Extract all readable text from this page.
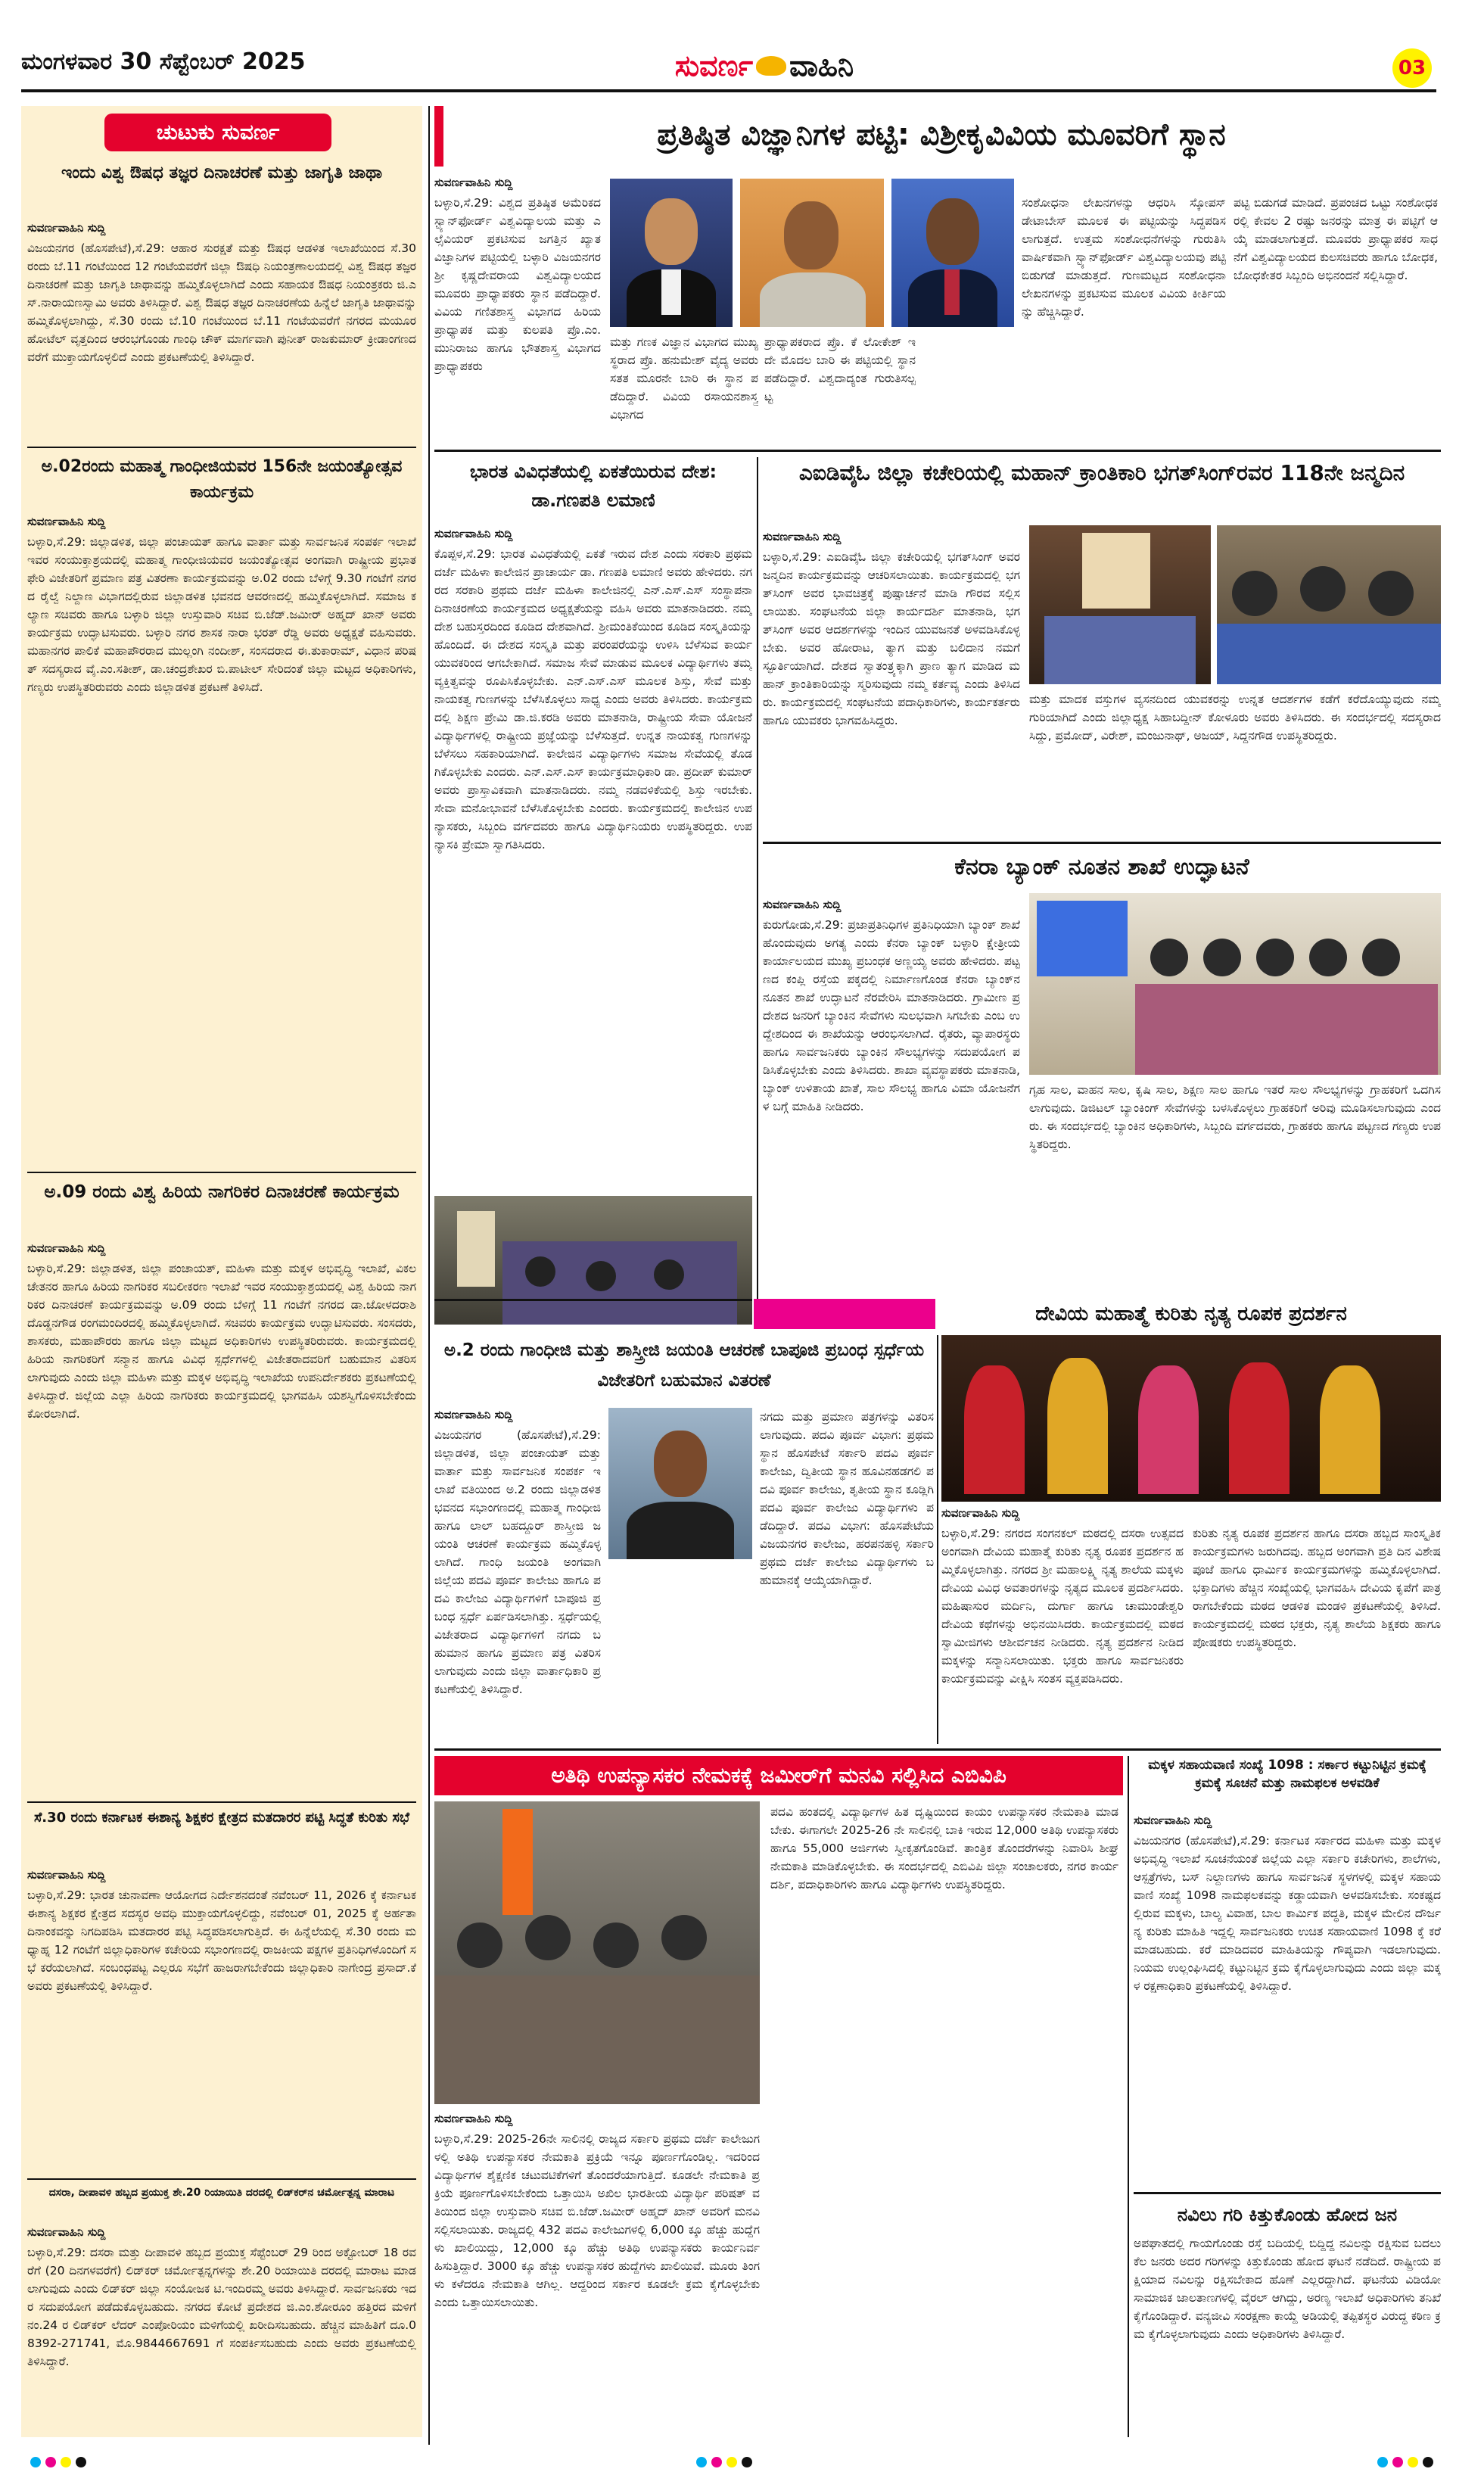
ಮಂಗಳವಾರ 30 ಸೆಪ್ಟೆಂಬರ್ 2025	ಸುವರ್ಣ ವಾಹಿನಿ	03
ಚುಟುಕು ಸುವರ್ಣ
ಇಂದು ವಿಶ್ವ ಔಷಧ ತಜ್ಞರ ದಿನಾಚರಣೆ ಮತ್ತು ಜಾಗೃತಿ ಜಾಥಾ
ಸುವರ್ಣವಾಹಿನಿ ಸುದ್ದಿ
ವಿಜಯನಗರ (ಹೊಸಪೇಟೆ),ಸೆ.29: ಆಹಾರ ಸುರಕ್ಷತೆ ಮತ್ತು ಔಷಧ ಆಡಳಿತ ಇಲಾಖೆಯಿಂದ ಸೆ.30 ರಂದು ಬೆ.11 ಗಂಟೆಯಿಂದ 12 ಗಂಟೆಯವರೆಗೆ ಜಿಲ್ಲಾ ಔಷಧಿ ನಿಯಂತ್ರಣಾಲಯದಲ್ಲಿ ವಿಶ್ವ ಔಷಧ ತಜ್ಞರ ದಿನಾಚರಣೆ ಮತ್ತು ಜಾಗೃತಿ ಜಾಥಾವನ್ನು ಹಮ್ಮಿಕೊಳ್ಳಲಾಗಿದೆ ಎಂದು ಸಹಾಯಕ ಔಷಧ ನಿಯಂತ್ರಕರು ಜಿ.ಎಸ್.ನಾರಾಯಣಸ್ವಾಮಿ ಅವರು ತಿಳಿಸಿದ್ದಾರೆ. ವಿಶ್ವ ಔಷಧ ತಜ್ಞರ ದಿನಾಚರಣೆಯ ಹಿನ್ನೆಲೆ ಜಾಗೃತಿ ಜಾಥಾವನ್ನು ಹಮ್ಮಿಕೊಳ್ಳಲಾಗಿದ್ದು, ಸೆ.30 ರಂದು ಬೆ.10 ಗಂಟೆಯಿಂದ ಬೆ.11 ಗಂಟೆಯವರೆಗೆ ನಗರದ ಮಯೂರ ಹೋಟೆಲ್ ವೃತ್ತದಿಂದ ಆರಂಭಗೊಂಡು ಗಾಂಧಿ ಚೌಕ್ ಮಾರ್ಗವಾಗಿ ಪುನೀತ್ ರಾಜಕುಮಾರ್ ಕ್ರೀಡಾಂಗಣದವರೆಗೆ ಮುಕ್ತಾಯಗೊಳ್ಳಲಿದೆ ಎಂದು ಪ್ರಕಟಣೆಯಲ್ಲಿ ತಿಳಿಸಿದ್ದಾರೆ.
ಅ.02ರಂದು ಮಹಾತ್ಮ ಗಾಂಧೀಜಿಯವರ 156ನೇ ಜಯಂತ್ಯೋತ್ಸವ ಕಾರ್ಯಕ್ರಮ
ಸುವರ್ಣವಾಹಿನಿ ಸುದ್ದಿ
ಬಳ್ಳಾರಿ,ಸೆ.29: ಜಿಲ್ಲಾಡಳಿತ, ಜಿಲ್ಲಾ ಪಂಚಾಯತ್ ಹಾಗೂ ವಾರ್ತಾ ಮತ್ತು ಸಾರ್ವಜನಿಕ ಸಂಪರ್ಕ ಇಲಾಖೆ ಇವರ ಸಂಯುಕ್ತಾಶ್ರಯದಲ್ಲಿ ಮಹಾತ್ಮ ಗಾಂಧೀಜಿಯವರ ಜಯಂತ್ಯೋತ್ಸವ ಅಂಗವಾಗಿ ರಾಷ್ಟ್ರೀಯ ಪ್ರಭಾತ ಫೇರಿ ವಿಜೇತರಿಗೆ ಪ್ರಮಾಣ ಪತ್ರ ವಿತರಣಾ ಕಾರ್ಯಕ್ರಮವನ್ನು ಅ.02 ರಂದು ಬೆಳಿಗ್ಗೆ 9.30 ಗಂಟೆಗೆ ನಗರದ ರೈಲ್ವೆ ನಿಲ್ದಾಣ ವಿಭಾಗದಲ್ಲಿರುವ ಜಿಲ್ಲಾಡಳಿತ ಭವನದ ಆವರಣದಲ್ಲಿ ಹಮ್ಮಿಕೊಳ್ಳಲಾಗಿದೆ. ಸಮಾಜ ಕಲ್ಯಾಣ ಸಚಿವರು ಹಾಗೂ ಬಳ್ಳಾರಿ ಜಿಲ್ಲಾ ಉಸ್ತುವಾರಿ ಸಚಿವ ಬಿ.ಜೆಡ್.ಜಮೀರ್ ಅಹ್ಮದ್ ಖಾನ್ ಅವರು ಕಾರ್ಯಕ್ರಮ ಉದ್ಘಾಟಿಸುವರು. ಬಳ್ಳಾರಿ ನಗರ ಶಾಸಕ ನಾರಾ ಭರತ್ ರೆಡ್ಡಿ ಅವರು ಅಧ್ಯಕ್ಷತೆ ವಹಿಸುವರು. ಮಹಾನಗರ ಪಾಲಿಕೆ ಮಹಾಪೌರರಾದ ಮುಲ್ಲಂಗಿ ನಂದೀಶ್, ಸಂಸದರಾದ ಈ.ತುಕಾರಾಮ್, ವಿಧಾನ ಪರಿಷತ್ ಸದಸ್ಯರಾದ ವೈ.ಎಂ.ಸತೀಶ್, ಡಾ.ಚಂದ್ರಶೇಖರ ಬಿ.ಪಾಟೀಲ್ ಸೇರಿದಂತೆ ಜಿಲ್ಲಾ ಮಟ್ಟದ ಅಧಿಕಾರಿಗಳು, ಗಣ್ಯರು ಉಪಸ್ಥಿತರಿರುವರು ಎಂದು ಜಿಲ್ಲಾಡಳಿತ ಪ್ರಕಟಣೆ ತಿಳಿಸಿದೆ.
ಅ.09 ರಂದು ವಿಶ್ವ ಹಿರಿಯ ನಾಗರಿಕರ ದಿನಾಚರಣೆ ಕಾರ್ಯಕ್ರಮ
ಸುವರ್ಣವಾಹಿನಿ ಸುದ್ದಿ
ಬಳ್ಳಾರಿ,ಸೆ.29: ಜಿಲ್ಲಾಡಳಿತ, ಜಿಲ್ಲಾ ಪಂಚಾಯತ್, ಮಹಿಳಾ ಮತ್ತು ಮಕ್ಕಳ ಅಭಿವೃದ್ಧಿ ಇಲಾಖೆ, ವಿಕಲಚೇತನರ ಹಾಗೂ ಹಿರಿಯ ನಾಗರಿಕರ ಸಬಲೀಕರಣ ಇಲಾಖೆ ಇವರ ಸಂಯುಕ್ತಾಶ್ರಯದಲ್ಲಿ ವಿಶ್ವ ಹಿರಿಯ ನಾಗರಿಕರ ದಿನಾಚರಣೆ ಕಾರ್ಯಕ್ರಮವನ್ನು ಅ.09 ರಂದು ಬೆಳಿಗ್ಗೆ 11 ಗಂಟೆಗೆ ನಗರದ ಡಾ.ಜೋಳದರಾಶಿ ದೊಡ್ಡನಗೌಡ ರಂಗಮಂದಿರದಲ್ಲಿ ಹಮ್ಮಿಕೊಳ್ಳಲಾಗಿದೆ. ಸಚಿವರು ಕಾರ್ಯಕ್ರಮ ಉದ್ಘಾಟಿಸುವರು. ಸಂಸದರು, ಶಾಸಕರು, ಮಹಾಪೌರರು ಹಾಗೂ ಜಿಲ್ಲಾ ಮಟ್ಟದ ಅಧಿಕಾರಿಗಳು ಉಪಸ್ಥಿತರಿರುವರು. ಕಾರ್ಯಕ್ರಮದಲ್ಲಿ ಹಿರಿಯ ನಾಗರಿಕರಿಗೆ ಸನ್ಮಾನ ಹಾಗೂ ವಿವಿಧ ಸ್ಪರ್ಧೆಗಳಲ್ಲಿ ವಿಜೇತರಾದವರಿಗೆ ಬಹುಮಾನ ವಿತರಿಸಲಾಗುವುದು ಎಂದು ಜಿಲ್ಲಾ ಮಹಿಳಾ ಮತ್ತು ಮಕ್ಕಳ ಅಭಿವೃದ್ಧಿ ಇಲಾಖೆಯ ಉಪನಿರ್ದೇಶಕರು ಪ್ರಕಟಣೆಯಲ್ಲಿ ತಿಳಿಸಿದ್ದಾರೆ. ಜಿಲ್ಲೆಯ ಎಲ್ಲಾ ಹಿರಿಯ ನಾಗರಿಕರು ಕಾರ್ಯಕ್ರಮದಲ್ಲಿ ಭಾಗವಹಿಸಿ ಯಶಸ್ವಿಗೊಳಿಸಬೇಕೆಂದು ಕೋರಲಾಗಿದೆ.
ಸೆ.30 ರಂದು ಕರ್ನಾಟಕ ಈಶಾನ್ಯ ಶಿಕ್ಷಕರ ಕ್ಷೇತ್ರದ ಮತದಾರರ ಪಟ್ಟಿ ಸಿದ್ಧತೆ ಕುರಿತು ಸಭೆ
ಸುವರ್ಣವಾಹಿನಿ ಸುದ್ದಿ
ಬಳ್ಳಾರಿ,ಸೆ.29: ಭಾರತ ಚುನಾವಣಾ ಆಯೋಗದ ನಿರ್ದೇಶನದಂತೆ ನವೆಂಬರ್ 11, 2026 ಕ್ಕೆ ಕರ್ನಾಟಕ ಈಶಾನ್ಯ ಶಿಕ್ಷಕರ ಕ್ಷೇತ್ರದ ಸದಸ್ಯರ ಅವಧಿ ಮುಕ್ತಾಯಗೊಳ್ಳಲಿದ್ದು, ನವೆಂಬರ್ 01, 2025 ಕ್ಕೆ ಅರ್ಹತಾ ದಿನಾಂಕವನ್ನು ನಿಗದಿಪಡಿಸಿ ಮತದಾರರ ಪಟ್ಟಿ ಸಿದ್ಧಪಡಿಸಲಾಗುತ್ತಿದೆ. ಈ ಹಿನ್ನೆಲೆಯಲ್ಲಿ ಸೆ.30 ರಂದು ಮಧ್ಯಾಹ್ನ 12 ಗಂಟೆಗೆ ಜಿಲ್ಲಾಧಿಕಾರಿಗಳ ಕಚೇರಿಯ ಸಭಾಂಗಣದಲ್ಲಿ ರಾಜಕೀಯ ಪಕ್ಷಗಳ ಪ್ರತಿನಿಧಿಗಳೊಂದಿಗೆ ಸಭೆ ಕರೆಯಲಾಗಿದೆ. ಸಂಬಂಧಪಟ್ಟ ಎಲ್ಲರೂ ಸಭೆಗೆ ಹಾಜರಾಗಬೇಕೆಂದು ಜಿಲ್ಲಾಧಿಕಾರಿ ನಾಗೇಂದ್ರ ಪ್ರಸಾದ್.ಕೆ ಅವರು ಪ್ರಕಟಣೆಯಲ್ಲಿ ತಿಳಿಸಿದ್ದಾರೆ.
ದಸರಾ, ದೀಪಾವಳಿ ಹಬ್ಬದ ಪ್ರಯುಕ್ತ ಶೇ.20 ರಿಯಾಯಿತಿ ದರದಲ್ಲಿ ಲಿಡ್‌ಕರ್‌ನ ಚರ್ಮೋತ್ಪನ್ನ ಮಾರಾಟ
ಸುವರ್ಣವಾಹಿನಿ ಸುದ್ದಿ
ಬಳ್ಳಾರಿ,ಸೆ.29: ದಸರಾ ಮತ್ತು ದೀಪಾವಳಿ ಹಬ್ಬದ ಪ್ರಯುಕ್ತ ಸೆಪ್ಟೆಂಬರ್ 29 ರಿಂದ ಅಕ್ಟೋಬರ್ 18 ರವರೆಗೆ (20 ದಿನಗಳವರೆಗೆ) ಲಿಡ್‌ಕರ್ ಚರ್ಮೋತ್ಪನ್ನಗಳನ್ನು ಶೇ.20 ರಿಯಾಯಿತಿ ದರದಲ್ಲಿ ಮಾರಾಟ ಮಾಡಲಾಗುವುದು ಎಂದು ಲಿಡ್‌ಕರ್ ಜಿಲ್ಲಾ ಸಂಯೋಜಕ ಟಿ.ಇಂದಿರಮ್ಮ ಅವರು ತಿಳಿಸಿದ್ದಾರೆ. ಸಾರ್ವಜನಿಕರು ಇದರ ಸದುಪಯೋಗ ಪಡೆದುಕೊಳ್ಳಬಹುದು. ನಗರದ ಕೋಟೆ ಪ್ರದೇಶದ ಜಿ.ಎಂ.ಶೋರೂಂ ಹತ್ತಿರದ ಮಳಿಗೆ ನಂ.24 ರ ಲಿಡ್‌ಕರ್ ಲೆದರ್ ಎಂಪೋರಿಯಂ ಮಳಿಗೆಯಲ್ಲಿ ಖರೀದಿಸಬಹುದು. ಹೆಚ್ಚಿನ ಮಾಹಿತಿಗೆ ದೂ.08392-271741, ಮೊ.9844667691 ಗೆ ಸಂಪರ್ಕಿಸಬಹುದು ಎಂದು ಅವರು ಪ್ರಕಟಣೆಯಲ್ಲಿ ತಿಳಿಸಿದ್ದಾರೆ.
ಪ್ರತಿಷ್ಠಿತ ವಿಜ್ಞಾನಿಗಳ ಪಟ್ಟಿ: ವಿಶ್ರೀಕೃವಿವಿಯ ಮೂವರಿಗೆ ಸ್ಥಾನ
ಸುವರ್ಣವಾಹಿನಿ ಸುದ್ದಿ
ಬಳ್ಳಾರಿ,ಸೆ.29: ವಿಶ್ವದ ಪ್ರತಿಷ್ಠಿತ ಅಮೆರಿಕದ ಸ್ಟ್ಯಾನ್‌ಫೋರ್ಡ್ ವಿಶ್ವವಿದ್ಯಾಲಯ ಮತ್ತು ಎಲ್ಸೆವಿಯರ್ ಪ್ರಕಟಿಸುವ ಜಗತ್ತಿನ ಖ್ಯಾತ ವಿಜ್ಞಾನಿಗಳ ಪಟ್ಟಿಯಲ್ಲಿ ಬಳ್ಳಾರಿ ವಿಜಯನಗರ ಶ್ರೀ ಕೃಷ್ಣದೇವರಾಯ ವಿಶ್ವವಿದ್ಯಾಲಯದ ಮೂವರು ಪ್ರಾಧ್ಯಾಪಕರು ಸ್ಥಾನ ಪಡೆದಿದ್ದಾರೆ. ವಿವಿಯ ಗಣಿತಶಾಸ್ತ್ರ ವಿಭಾಗದ ಹಿರಿಯ ಪ್ರಾಧ್ಯಾಪಕ ಮತ್ತು ಕುಲಪತಿ ಪ್ರೊ.ಎಂ.ಮುನಿರಾಜು ಹಾಗೂ ಭೌತಶಾಸ್ತ್ರ ವಿಭಾಗದ ಪ್ರಾಧ್ಯಾಪಕರು
ಮತ್ತು ಗಣಕ ವಿಜ್ಞಾನ ವಿಭಾಗದ ಮುಖ್ಯಸ್ಥರಾದ ಪ್ರೊ. ಹನುಮೇಶ್ ವೈದ್ಯ ಅವರು ಸತತ ಮೂರನೇ ಬಾರಿ ಈ ಸ್ಥಾನ ಪಡೆದಿದ್ದಾರೆ. ವಿವಿಯ ರಸಾಯನಶಾಸ್ತ್ರ ವಿಭಾಗದ
ಪ್ರಾಧ್ಯಾಪಕರಾದ ಪ್ರೊ. ಕೆ ಲೋಕೇಶ್ ಇದೇ ಮೊದಲ ಬಾರಿ ಈ ಪಟ್ಟಿಯಲ್ಲಿ ಸ್ಥಾನ ಪಡೆದಿದ್ದಾರೆ. ವಿಶ್ವದಾದ್ಯಂತ ಗುರುತಿಸಲ್ಪಟ್ಟ
ಸಂಶೋಧನಾ ಲೇಖನಗಳನ್ನು ಆಧರಿಸಿ ಸ್ಕೋಪಸ್ ಡೇಟಾಬೇಸ್ ಮೂಲಕ ಈ ಪಟ್ಟಿಯನ್ನು ಸಿದ್ಧಪಡಿಸಲಾಗುತ್ತದೆ. ಉತ್ತಮ ಸಂಶೋಧನೆಗಳನ್ನು ಗುರುತಿಸಿ ವಾರ್ಷಿಕವಾಗಿ ಸ್ಟ್ಯಾನ್‌ಫೋರ್ಡ್ ವಿಶ್ವವಿದ್ಯಾಲಯವು ಪಟ್ಟಿ ಬಿಡುಗಡೆ ಮಾಡುತ್ತದೆ. ಗುಣಮಟ್ಟದ ಸಂಶೋಧನಾ ಲೇಖನಗಳನ್ನು ಪ್ರಕಟಿಸುವ ಮೂಲಕ ವಿವಿಯ ಕೀರ್ತಿಯನ್ನು ಹೆಚ್ಚಿಸಿದ್ದಾರೆ.
ಪಟ್ಟಿ ಬಿಡುಗಡೆ ಮಾಡಿದೆ. ಪ್ರಪಂಚದ ಒಟ್ಟು ಸಂಶೋಧಕರಲ್ಲಿ ಕೇವಲ 2 ರಷ್ಟು ಜನರನ್ನು ಮಾತ್ರ ಈ ಪಟ್ಟಿಗೆ ಆಯ್ಕೆ ಮಾಡಲಾಗುತ್ತದೆ. ಮೂವರು ಪ್ರಾಧ್ಯಾಪಕರ ಸಾಧನೆಗೆ ವಿಶ್ವವಿದ್ಯಾಲಯದ ಕುಲಸಚಿವರು ಹಾಗೂ ಬೋಧಕ, ಬೋಧಕೇತರ ಸಿಬ್ಬಂದಿ ಅಭಿನಂದನೆ ಸಲ್ಲಿಸಿದ್ದಾರೆ.
ಭಾರತ ವಿವಿಧತೆಯಲ್ಲಿ ಏಕತೆಯಿರುವ ದೇಶ: ಡಾ.ಗಣಪತಿ ಲಮಾಣಿ
ಸುವರ್ಣವಾಹಿನಿ ಸುದ್ದಿ
ಕೊಪ್ಪಳ,ಸೆ.29: ಭಾರತ ವಿವಿಧತೆಯಲ್ಲಿ ಏಕತೆ ಇರುವ ದೇಶ ಎಂದು ಸರಕಾರಿ ಪ್ರಥಮ ದರ್ಜೆ ಮಹಿಳಾ ಕಾಲೇಜಿನ ಪ್ರಾಚಾರ್ಯ ಡಾ. ಗಣಪತಿ ಲಮಾಣಿ ಅವರು ಹೇಳಿದರು. ನಗರದ ಸರಕಾರಿ ಪ್ರಥಮ ದರ್ಜೆ ಮಹಿಳಾ ಕಾಲೇಜಿನಲ್ಲಿ ಎನ್.ಎಸ್.ಎಸ್ ಸಂಸ್ಥಾಪನಾ ದಿನಾಚರಣೆಯ ಕಾರ್ಯಕ್ರಮದ ಅಧ್ಯಕ್ಷತೆಯನ್ನು ವಹಿಸಿ ಅವರು ಮಾತನಾಡಿದರು. ನಮ್ಮ ದೇಶ ಬಹುಸ್ತರದಿಂದ ಕೂಡಿದ ದೇಶವಾಗಿದೆ. ಶ್ರೀಮಂತಿಕೆಯಿಂದ ಕೂಡಿದ ಸಂಸ್ಕೃತಿಯನ್ನು ಹೊಂದಿದೆ. ಈ ದೇಶದ ಸಂಸ್ಕೃತಿ ಮತ್ತು ಪರಂಪರೆಯನ್ನು ಉಳಿಸಿ ಬೆಳೆಸುವ ಕಾರ್ಯ ಯುವಕರಿಂದ ಆಗಬೇಕಾಗಿದೆ. ಸಮಾಜ ಸೇವೆ ಮಾಡುವ ಮೂಲಕ ವಿದ್ಯಾರ್ಥಿಗಳು ತಮ್ಮ ವ್ಯಕ್ತಿತ್ವವನ್ನು ರೂಪಿಸಿಕೊಳ್ಳಬೇಕು. ಎನ್.ಎಸ್.ಎಸ್ ಮೂಲಕ ಶಿಸ್ತು, ಸೇವೆ ಮತ್ತು ನಾಯಕತ್ವ ಗುಣಗಳನ್ನು ಬೆಳೆಸಿಕೊಳ್ಳಲು ಸಾಧ್ಯ ಎಂದು ಅವರು ತಿಳಿಸಿದರು. ಕಾರ್ಯಕ್ರಮದಲ್ಲಿ ಶಿಕ್ಷಣ ಪ್ರೇಮಿ ಡಾ.ಜಿ.ಕರಡಿ ಅವರು ಮಾತನಾಡಿ, ರಾಷ್ಟ್ರೀಯ ಸೇವಾ ಯೋಜನೆ ವಿದ್ಯಾರ್ಥಿಗಳಲ್ಲಿ ರಾಷ್ಟ್ರೀಯ ಪ್ರಜ್ಞೆಯನ್ನು ಬೆಳೆಸುತ್ತದೆ. ಉನ್ನತ ನಾಯಕತ್ವ ಗುಣಗಳನ್ನು ಬೆಳೆಸಲು ಸಹಕಾರಿಯಾಗಿದೆ. ಕಾಲೇಜಿನ ವಿದ್ಯಾರ್ಥಿಗಳು ಸಮಾಜ ಸೇವೆಯಲ್ಲಿ ತೊಡಗಿಕೊಳ್ಳಬೇಕು ಎಂದರು. ಎನ್.ಎಸ್.ಎಸ್ ಕಾರ್ಯಕ್ರಮಾಧಿಕಾರಿ ಡಾ. ಪ್ರದೀಪ್ ಕುಮಾರ್ ಅವರು ಪ್ರಾಸ್ತಾವಿಕವಾಗಿ ಮಾತನಾಡಿದರು. ನಮ್ಮ ನಡವಳಿಕೆಯಲ್ಲಿ ಶಿಸ್ತು ಇರಬೇಕು. ಸೇವಾ ಮನೋಭಾವನೆ ಬೆಳೆಸಿಕೊಳ್ಳಬೇಕು ಎಂದರು. ಕಾರ್ಯಕ್ರಮದಲ್ಲಿ ಕಾಲೇಜಿನ ಉಪನ್ಯಾಸಕರು, ಸಿಬ್ಬಂದಿ ವರ್ಗದವರು ಹಾಗೂ ವಿದ್ಯಾರ್ಥಿನಿಯರು ಉಪಸ್ಥಿತರಿದ್ದರು. ಉಪನ್ಯಾಸಕಿ ಪ್ರೇಮಾ ಸ್ವಾಗತಿಸಿದರು.
ಎಐಡಿವೈಓ ಜಿಲ್ಲಾ ಕಚೇರಿಯಲ್ಲಿ ಮಹಾನ್ ಕ್ರಾಂತಿಕಾರಿ ಭಗತ್‌ಸಿಂಗ್‌ರವರ 118ನೇ ಜನ್ಮದಿನ
ಸುವರ್ಣವಾಹಿನಿ ಸುದ್ದಿ
ಬಳ್ಳಾರಿ,ಸೆ.29: ಎಐಡಿವೈಓ ಜಿಲ್ಲಾ ಕಚೇರಿಯಲ್ಲಿ ಭಗತ್‌ಸಿಂಗ್ ಅವರ ಜನ್ಮದಿನ ಕಾರ್ಯಕ್ರಮವನ್ನು ಆಚರಿಸಲಾಯಿತು. ಕಾರ್ಯಕ್ರಮದಲ್ಲಿ ಭಗತ್‌ಸಿಂಗ್ ಅವರ ಭಾವಚಿತ್ರಕ್ಕೆ ಪುಷ್ಪಾರ್ಚನೆ ಮಾಡಿ ಗೌರವ ಸಲ್ಲಿಸಲಾಯಿತು. ಸಂಘಟನೆಯ ಜಿಲ್ಲಾ ಕಾರ್ಯದರ್ಶಿ ಮಾತನಾಡಿ, ಭಗತ್‌ಸಿಂಗ್ ಅವರ ಆದರ್ಶಗಳನ್ನು ಇಂದಿನ ಯುವಜನತೆ ಅಳವಡಿಸಿಕೊಳ್ಳಬೇಕು. ಅವರ ಹೋರಾಟ, ತ್ಯಾಗ ಮತ್ತು ಬಲಿದಾನ ನಮಗೆ ಸ್ಫೂರ್ತಿಯಾಗಿದೆ. ದೇಶದ ಸ್ವಾತಂತ್ರ್ಯಕ್ಕಾಗಿ ಪ್ರಾಣ ತ್ಯಾಗ ಮಾಡಿದ ಮಹಾನ್ ಕ್ರಾಂತಿಕಾರಿಯನ್ನು ಸ್ಮರಿಸುವುದು ನಮ್ಮ ಕರ್ತವ್ಯ ಎಂದು ತಿಳಿಸಿದರು. ಕಾರ್ಯಕ್ರಮದಲ್ಲಿ ಸಂಘಟನೆಯ ಪದಾಧಿಕಾರಿಗಳು, ಕಾರ್ಯಕರ್ತರು ಹಾಗೂ ಯುವಕರು ಭಾಗವಹಿಸಿದ್ದರು.
ಮತ್ತು ಮಾದಕ ವಸ್ತುಗಳ ವ್ಯಸನದಿಂದ ಯುವಕರನ್ನು ಉನ್ನತ ಆದರ್ಶಗಳ ಕಡೆಗೆ ಕರೆದೊಯ್ಯುವುದು ನಮ್ಮ ಗುರಿಯಾಗಿದೆ ಎಂದು ಜಿಲ್ಲಾಧ್ಯಕ್ಷ ಸಿಹಾಬದ್ದೀನ್ ಕೋಳೂರು ಅವರು ತಿಳಿಸಿದರು. ಈ ಸಂದರ್ಭದಲ್ಲಿ ಸದಸ್ಯರಾದ ಸಿದ್ದು, ಪ್ರಮೋದ್, ವಿರೇಶ್, ಮಂಜುನಾಥ್, ಅಜಯ್, ಸಿದ್ದನಗೌಡ ಉಪಸ್ಥಿತರಿದ್ದರು.
ಕೆನರಾ ಬ್ಯಾಂಕ್ ನೂತನ ಶಾಖೆ ಉದ್ಘಾಟನೆ
ಸುವರ್ಣವಾಹಿನಿ ಸುದ್ದಿ
ಕುರುಗೋಡು,ಸೆ.29: ಪ್ರಜಾಪ್ರತಿನಿಧಿಗಳ ಪ್ರತಿನಿಧಿಯಾಗಿ ಬ್ಯಾಂಕ್ ಶಾಖೆ ಹೊಂದುವುದು ಅಗತ್ಯ ಎಂದು ಕೆನರಾ ಬ್ಯಾಂಕ್ ಬಳ್ಳಾರಿ ಕ್ಷೇತ್ರೀಯ ಕಾರ್ಯಾಲಯದ ಮುಖ್ಯ ಪ್ರಬಂಧಕ ಅಣ್ಣಯ್ಯ ಅವರು ಹೇಳಿದರು. ಪಟ್ಟಣದ ಕಂಪ್ಲಿ ರಸ್ತೆಯ ಪಕ್ಕದಲ್ಲಿ ನಿರ್ಮಾಣಗೊಂಡ ಕೆನರಾ ಬ್ಯಾಂಕ್‌ನ ನೂತನ ಶಾಖೆ ಉದ್ಘಾಟನೆ ನೆರವೇರಿಸಿ ಮಾತನಾಡಿದರು. ಗ್ರಾಮೀಣ ಪ್ರದೇಶದ ಜನರಿಗೆ ಬ್ಯಾಂಕಿನ ಸೇವೆಗಳು ಸುಲಭವಾಗಿ ಸಿಗಬೇಕು ಎಂಬ ಉದ್ದೇಶದಿಂದ ಈ ಶಾಖೆಯನ್ನು ಆರಂಭಿಸಲಾಗಿದೆ. ರೈತರು, ವ್ಯಾಪಾರಸ್ಥರು ಹಾಗೂ ಸಾರ್ವಜನಿಕರು ಬ್ಯಾಂಕಿನ ಸೌಲಭ್ಯಗಳನ್ನು ಸದುಪಯೋಗ ಪಡಿಸಿಕೊಳ್ಳಬೇಕು ಎಂದು ತಿಳಿಸಿದರು. ಶಾಖಾ ವ್ಯವಸ್ಥಾಪಕರು ಮಾತನಾಡಿ, ಬ್ಯಾಂಕ್ ಉಳಿತಾಯ ಖಾತೆ, ಸಾಲ ಸೌಲಭ್ಯ ಹಾಗೂ ವಿಮಾ ಯೋಜನೆಗಳ ಬಗ್ಗೆ ಮಾಹಿತಿ ನೀಡಿದರು.
ಗೃಹ ಸಾಲ, ವಾಹನ ಸಾಲ, ಕೃಷಿ ಸಾಲ, ಶಿಕ್ಷಣ ಸಾಲ ಹಾಗೂ ಇತರೆ ಸಾಲ ಸೌಲಭ್ಯಗಳನ್ನು ಗ್ರಾಹಕರಿಗೆ ಒದಗಿಸಲಾಗುವುದು. ಡಿಜಿಟಲ್ ಬ್ಯಾಂಕಿಂಗ್ ಸೇವೆಗಳನ್ನು ಬಳಸಿಕೊಳ್ಳಲು ಗ್ರಾಹಕರಿಗೆ ಅರಿವು ಮೂಡಿಸಲಾಗುವುದು ಎಂದರು. ಈ ಸಂದರ್ಭದಲ್ಲಿ ಬ್ಯಾಂಕಿನ ಅಧಿಕಾರಿಗಳು, ಸಿಬ್ಬಂದಿ ವರ್ಗದವರು, ಗ್ರಾಹಕರು ಹಾಗೂ ಪಟ್ಟಣದ ಗಣ್ಯರು ಉಪಸ್ಥಿತರಿದ್ದರು.
ದೇವಿಯ ಮಹಾತ್ಮೆ ಕುರಿತು ನೃತ್ಯ ರೂಪಕ ಪ್ರದರ್ಶನ
ಸುವರ್ಣವಾಹಿನಿ ಸುದ್ದಿ
ಬಳ್ಳಾರಿ,ಸೆ.29: ನಗರದ ಸಂಗನಕಲ್ ಮಠದಲ್ಲಿ ದಸರಾ ಉತ್ಸವದ ಅಂಗವಾಗಿ ದೇವಿಯ ಮಹಾತ್ಮೆ ಕುರಿತು ನೃತ್ಯ ರೂಪಕ ಪ್ರದರ್ಶನ ಹಮ್ಮಿಕೊಳ್ಳಲಾಗಿತ್ತು. ನಗರದ ಶ್ರೀ ಮಹಾಲಕ್ಷ್ಮಿ ನೃತ್ಯ ಶಾಲೆಯ ಮಕ್ಕಳು ದೇವಿಯ ವಿವಿಧ ಅವತಾರಗಳನ್ನು ನೃತ್ಯದ ಮೂಲಕ ಪ್ರದರ್ಶಿಸಿದರು. ಮಹಿಷಾಸುರ ಮರ್ದಿನಿ, ದುರ್ಗಾ ಹಾಗೂ ಚಾಮುಂಡೇಶ್ವರಿ ದೇವಿಯ ಕಥೆಗಳನ್ನು ಅಭಿನಯಿಸಿದರು. ಕಾರ್ಯಕ್ರಮದಲ್ಲಿ ಮಠದ ಸ್ವಾಮೀಜಿಗಳು ಆಶೀರ್ವಚನ ನೀಡಿದರು. ನೃತ್ಯ ಪ್ರದರ್ಶನ ನೀಡಿದ ಮಕ್ಕಳನ್ನು ಸನ್ಮಾನಿಸಲಾಯಿತು. ಭಕ್ತರು ಹಾಗೂ ಸಾರ್ವಜನಿಕರು ಕಾರ್ಯಕ್ರಮವನ್ನು ವೀಕ್ಷಿಸಿ ಸಂತಸ ವ್ಯಕ್ತಪಡಿಸಿದರು.
ಕುರಿತು ನೃತ್ಯ ರೂಪಕ ಪ್ರದರ್ಶನ ಹಾಗೂ ದಸರಾ ಹಬ್ಬದ ಸಾಂಸ್ಕೃತಿಕ ಕಾರ್ಯಕ್ರಮಗಳು ಜರುಗಿದವು. ಹಬ್ಬದ ಅಂಗವಾಗಿ ಪ್ರತಿ ದಿನ ವಿಶೇಷ ಪೂಜೆ ಹಾಗೂ ಧಾರ್ಮಿಕ ಕಾರ್ಯಕ್ರಮಗಳನ್ನು ಹಮ್ಮಿಕೊಳ್ಳಲಾಗಿದೆ. ಭಕ್ತಾದಿಗಳು ಹೆಚ್ಚಿನ ಸಂಖ್ಯೆಯಲ್ಲಿ ಭಾಗವಹಿಸಿ ದೇವಿಯ ಕೃಪೆಗೆ ಪಾತ್ರರಾಗಬೇಕೆಂದು ಮಠದ ಆಡಳಿತ ಮಂಡಳಿ ಪ್ರಕಟಣೆಯಲ್ಲಿ ತಿಳಿಸಿದೆ. ಕಾರ್ಯಕ್ರಮದಲ್ಲಿ ಮಠದ ಭಕ್ತರು, ನೃತ್ಯ ಶಾಲೆಯ ಶಿಕ್ಷಕರು ಹಾಗೂ ಪೋಷಕರು ಉಪಸ್ಥಿತರಿದ್ದರು.
ಅ.2 ರಂದು ಗಾಂಧೀಜಿ ಮತ್ತು ಶಾಸ್ತ್ರೀಜಿ ಜಯಂತಿ ಆಚರಣೆ ಬಾಪೂಜಿ ಪ್ರಬಂಧ ಸ್ಪರ್ಧೆಯ ವಿಜೇತರಿಗೆ ಬಹುಮಾನ ವಿತರಣೆ
ಸುವರ್ಣವಾಹಿನಿ ಸುದ್ದಿ
ವಿಜಯನಗರ (ಹೊಸಪೇಟೆ),ಸೆ.29: ಜಿಲ್ಲಾಡಳಿತ, ಜಿಲ್ಲಾ ಪಂಚಾಯತ್ ಮತ್ತು ವಾರ್ತಾ ಮತ್ತು ಸಾರ್ವಜನಿಕ ಸಂಪರ್ಕ ಇಲಾಖೆ ವತಿಯಿಂದ ಅ.2 ರಂದು ಜಿಲ್ಲಾಡಳಿತ ಭವನದ ಸಭಾಂಗಣದಲ್ಲಿ ಮಹಾತ್ಮ ಗಾಂಧೀಜಿ ಹಾಗೂ ಲಾಲ್ ಬಹದ್ದೂರ್ ಶಾಸ್ತ್ರೀಜಿ ಜಯಂತಿ ಆಚರಣೆ ಕಾರ್ಯಕ್ರಮ ಹಮ್ಮಿಕೊಳ್ಳಲಾಗಿದೆ. ಗಾಂಧಿ ಜಯಂತಿ ಅಂಗವಾಗಿ ಜಿಲ್ಲೆಯ ಪದವಿ ಪೂರ್ವ ಕಾಲೇಜು ಹಾಗೂ ಪದವಿ ಕಾಲೇಜು ವಿದ್ಯಾರ್ಥಿಗಳಿಗೆ ಬಾಪೂಜಿ ಪ್ರಬಂಧ ಸ್ಪರ್ಧೆ ಏರ್ಪಡಿಸಲಾಗಿತ್ತು. ಸ್ಪರ್ಧೆಯಲ್ಲಿ ವಿಜೇತರಾದ ವಿದ್ಯಾರ್ಥಿಗಳಿಗೆ ನಗದು ಬಹುಮಾನ ಹಾಗೂ ಪ್ರಮಾಣ ಪತ್ರ ವಿತರಿಸಲಾಗುವುದು ಎಂದು ಜಿಲ್ಲಾ ವಾರ್ತಾಧಿಕಾರಿ ಪ್ರಕಟಣೆಯಲ್ಲಿ ತಿಳಿಸಿದ್ದಾರೆ.
ನಗದು ಮತ್ತು ಪ್ರಮಾಣ ಪತ್ರಗಳನ್ನು ವಿತರಿಸಲಾಗುವುದು. ಪದವಿ ಪೂರ್ವ ವಿಭಾಗ: ಪ್ರಥಮ ಸ್ಥಾನ ಹೊಸಪೇಟೆ ಸರ್ಕಾರಿ ಪದವಿ ಪೂರ್ವ ಕಾಲೇಜು, ದ್ವಿತೀಯ ಸ್ಥಾನ ಹೂವಿನಹಡಗಲಿ ಪದವಿ ಪೂರ್ವ ಕಾಲೇಜು, ತೃತೀಯ ಸ್ಥಾನ ಕೂಡ್ಲಿಗಿ ಪದವಿ ಪೂರ್ವ ಕಾಲೇಜು ವಿದ್ಯಾರ್ಥಿಗಳು ಪಡೆದಿದ್ದಾರೆ. ಪದವಿ ವಿಭಾಗ: ಹೊಸಪೇಟೆಯ ವಿಜಯನಗರ ಕಾಲೇಜು, ಹರಪನಹಳ್ಳಿ ಸರ್ಕಾರಿ ಪ್ರಥಮ ದರ್ಜೆ ಕಾಲೇಜು ವಿದ್ಯಾರ್ಥಿಗಳು ಬಹುಮಾನಕ್ಕೆ ಆಯ್ಕೆಯಾಗಿದ್ದಾರೆ.
ಅತಿಥಿ ಉಪನ್ಯಾಸಕರ ನೇಮಕಕ್ಕೆ ಜಮೀರ್‌ಗೆ ಮನವಿ ಸಲ್ಲಿಸಿದ ಎಬಿವಿಪಿ
ಸುವರ್ಣವಾಹಿನಿ ಸುದ್ದಿ
ಬಳ್ಳಾರಿ,ಸೆ.29: 2025-26ನೇ ಸಾಲಿನಲ್ಲಿ ರಾಜ್ಯದ ಸರ್ಕಾರಿ ಪ್ರಥಮ ದರ್ಜೆ ಕಾಲೇಜುಗಳಲ್ಲಿ ಅತಿಥಿ ಉಪನ್ಯಾಸಕರ ನೇಮಕಾತಿ ಪ್ರಕ್ರಿಯೆ ಇನ್ನೂ ಪೂರ್ಣಗೊಂಡಿಲ್ಲ. ಇದರಿಂದ ವಿದ್ಯಾರ್ಥಿಗಳ ಶೈಕ್ಷಣಿಕ ಚಟುವಟಿಕೆಗಳಿಗೆ ತೊಂದರೆಯಾಗುತ್ತಿದೆ. ಕೂಡಲೇ ನೇಮಕಾತಿ ಪ್ರಕ್ರಿಯೆ ಪೂರ್ಣಗೊಳಿಸಬೇಕೆಂದು ಒತ್ತಾಯಿಸಿ ಅಖಿಲ ಭಾರತೀಯ ವಿದ್ಯಾರ್ಥಿ ಪರಿಷತ್ ವತಿಯಿಂದ ಜಿಲ್ಲಾ ಉಸ್ತುವಾರಿ ಸಚಿವ ಬಿ.ಜೆಡ್.ಜಮೀರ್ ಅಹ್ಮದ್ ಖಾನ್ ಅವರಿಗೆ ಮನವಿ ಸಲ್ಲಿಸಲಾಯಿತು. ರಾಜ್ಯದಲ್ಲಿ 432 ಪದವಿ ಕಾಲೇಜುಗಳಲ್ಲಿ 6,000 ಕ್ಕೂ ಹೆಚ್ಚು ಹುದ್ದೆಗಳು ಖಾಲಿಯಿದ್ದು, 12,000 ಕ್ಕೂ ಹೆಚ್ಚು ಅತಿಥಿ ಉಪನ್ಯಾಸಕರು ಕಾರ್ಯನಿರ್ವಹಿಸುತ್ತಿದ್ದಾರೆ. 3000 ಕ್ಕೂ ಹೆಚ್ಚು ಉಪನ್ಯಾಸಕರ ಹುದ್ದೆಗಳು ಖಾಲಿಯಿವೆ. ಮೂರು ತಿಂಗಳು ಕಳೆದರೂ ನೇಮಕಾತಿ ಆಗಿಲ್ಲ. ಆದ್ದರಿಂದ ಸರ್ಕಾರ ಕೂಡಲೇ ಕ್ರಮ ಕೈಗೊಳ್ಳಬೇಕು ಎಂದು ಒತ್ತಾಯಿಸಲಾಯಿತು.
ಪದವಿ ಹಂತದಲ್ಲಿ ವಿದ್ಯಾರ್ಥಿಗಳ ಹಿತ ದೃಷ್ಟಿಯಿಂದ ಕಾಯಂ ಉಪನ್ಯಾಸಕರ ನೇಮಕಾತಿ ಮಾಡಬೇಕು. ಈಗಾಗಲೇ 2025-26 ನೇ ಸಾಲಿನಲ್ಲಿ ಬಾಕಿ ಇರುವ 12,000 ಅತಿಥಿ ಉಪನ್ಯಾಸಕರು ಹಾಗೂ 55,000 ಅರ್ಜಿಗಳು ಸ್ವೀಕೃತಗೊಂಡಿವೆ. ತಾಂತ್ರಿಕ ತೊಂದರೆಗಳನ್ನು ನಿವಾರಿಸಿ ಶೀಘ್ರ ನೇಮಕಾತಿ ಮಾಡಿಕೊಳ್ಳಬೇಕು. ಈ ಸಂದರ್ಭದಲ್ಲಿ ಎಬಿವಿಪಿ ಜಿಲ್ಲಾ ಸಂಚಾಲಕರು, ನಗರ ಕಾರ್ಯದರ್ಶಿ, ಪದಾಧಿಕಾರಿಗಳು ಹಾಗೂ ವಿದ್ಯಾರ್ಥಿಗಳು ಉಪಸ್ಥಿತರಿದ್ದರು.
ಮಕ್ಕಳ ಸಹಾಯವಾಣಿ ಸಂಖ್ಯೆ 1098 : ಸರ್ಕಾರ ಕಟ್ಟುನಿಟ್ಟಿನ ಕ್ರಮಕ್ಕೆ ಕ್ರಮಕ್ಕೆ ಸೂಚನೆ ಮತ್ತು ನಾಮಫಲಕ ಅಳವಡಿಕೆ
ಸುವರ್ಣವಾಹಿನಿ ಸುದ್ದಿ
ವಿಜಯನಗರ (ಹೊಸಪೇಟೆ),ಸೆ.29: ಕರ್ನಾಟಕ ಸರ್ಕಾರದ ಮಹಿಳಾ ಮತ್ತು ಮಕ್ಕಳ ಅಭಿವೃದ್ಧಿ ಇಲಾಖೆ ಸೂಚನೆಯಂತೆ ಜಿಲ್ಲೆಯ ಎಲ್ಲಾ ಸರ್ಕಾರಿ ಕಚೇರಿಗಳು, ಶಾಲೆಗಳು, ಆಸ್ಪತ್ರೆಗಳು, ಬಸ್ ನಿಲ್ದಾಣಗಳು ಹಾಗೂ ಸಾರ್ವಜನಿಕ ಸ್ಥಳಗಳಲ್ಲಿ ಮಕ್ಕಳ ಸಹಾಯವಾಣಿ ಸಂಖ್ಯೆ 1098 ನಾಮಫಲಕವನ್ನು ಕಡ್ಡಾಯವಾಗಿ ಅಳವಡಿಸಬೇಕು. ಸಂಕಷ್ಟದಲ್ಲಿರುವ ಮಕ್ಕಳು, ಬಾಲ್ಯ ವಿವಾಹ, ಬಾಲ ಕಾರ್ಮಿಕ ಪದ್ಧತಿ, ಮಕ್ಕಳ ಮೇಲಿನ ದೌರ್ಜನ್ಯ ಕುರಿತು ಮಾಹಿತಿ ಇದ್ದಲ್ಲಿ ಸಾರ್ವಜನಿಕರು ಉಚಿತ ಸಹಾಯವಾಣಿ 1098 ಕ್ಕೆ ಕರೆ ಮಾಡಬಹುದು. ಕರೆ ಮಾಡಿದವರ ಮಾಹಿತಿಯನ್ನು ಗೌಪ್ಯವಾಗಿ ಇಡಲಾಗುವುದು. ನಿಯಮ ಉಲ್ಲಂಘಿಸಿದಲ್ಲಿ ಕಟ್ಟುನಿಟ್ಟಿನ ಕ್ರಮ ಕೈಗೊಳ್ಳಲಾಗುವುದು ಎಂದು ಜಿಲ್ಲಾ ಮಕ್ಕಳ ರಕ್ಷಣಾಧಿಕಾರಿ ಪ್ರಕಟಣೆಯಲ್ಲಿ ತಿಳಿಸಿದ್ದಾರೆ.
ನವಿಲು ಗರಿ ಕಿತ್ತುಕೊಂಡು ಹೋದ ಜನ
ಅಪಘಾತದಲ್ಲಿ ಗಾಯಗೊಂಡು ರಸ್ತೆ ಬದಿಯಲ್ಲಿ ಬಿದ್ದಿದ್ದ ನವಿಲನ್ನು ರಕ್ಷಿಸುವ ಬದಲು ಕೆಲ ಜನರು ಅದರ ಗರಿಗಳನ್ನು ಕಿತ್ತುಕೊಂಡು ಹೋದ ಘಟನೆ ನಡೆದಿದೆ. ರಾಷ್ಟ್ರೀಯ ಪಕ್ಷಿಯಾದ ನವಿಲನ್ನು ರಕ್ಷಿಸಬೇಕಾದ ಹೊಣೆ ಎಲ್ಲರದ್ದಾಗಿದೆ. ಘಟನೆಯ ವಿಡಿಯೋ ಸಾಮಾಜಿಕ ಜಾಲತಾಣಗಳಲ್ಲಿ ವೈರಲ್ ಆಗಿದ್ದು, ಅರಣ್ಯ ಇಲಾಖೆ ಅಧಿಕಾರಿಗಳು ತನಿಖೆ ಕೈಗೊಂಡಿದ್ದಾರೆ. ವನ್ಯಜೀವಿ ಸಂರಕ್ಷಣಾ ಕಾಯ್ದೆ ಅಡಿಯಲ್ಲಿ ತಪ್ಪಿತಸ್ಥರ ವಿರುದ್ಧ ಕಠಿಣ ಕ್ರಮ ಕೈಗೊಳ್ಳಲಾಗುವುದು ಎಂದು ಅಧಿಕಾರಿಗಳು ತಿಳಿಸಿದ್ದಾರೆ.
